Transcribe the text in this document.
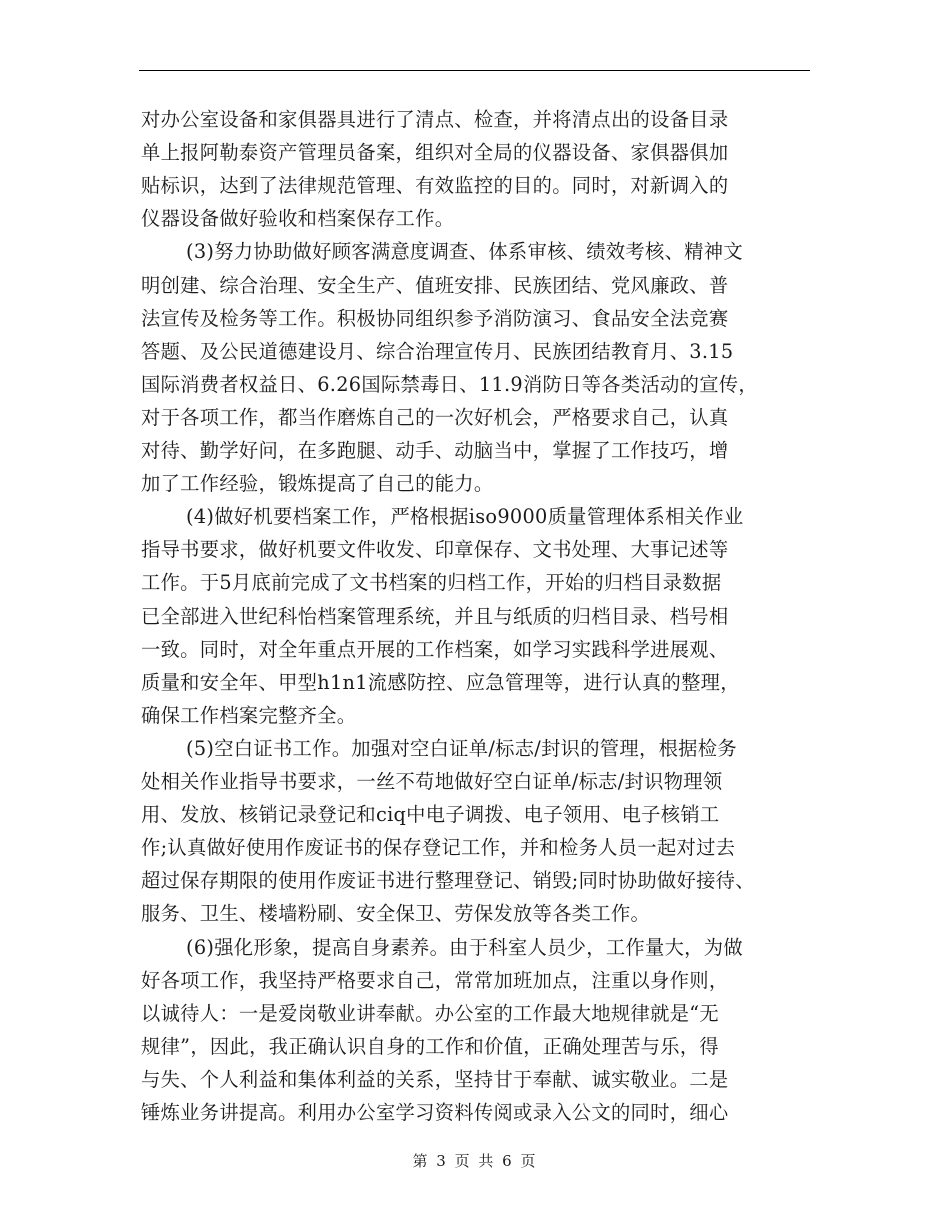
对办公室设备和家俱器具进行了清点、检查，并将清点出的设备目录
单上报阿勒泰资产管理员备案，组织对全局的仪器设备、家俱器俱加
贴标识，达到了法律规范管理、有效监控的目的。同时，对新调入的
仪器设备做好验收和档案保存工作。
(3)努力协助做好顾客满意度调查、体系审核、绩效考核、精神文
明创建、综合治理、安全生产、值班安排、民族团结、党风廉政、普
法宣传及检务等工作。积极协同组织参予消防演习、食品安全法竞赛
答题、及公民道德建设月、综合治理宣传月、民族团结教育月、3.15
国际消费者权益日、6.26国际禁毒日、11.9消防日等各类活动的宣传，
对于各项工作，都当作磨炼自己的一次好机会，严格要求自己，认真
对待、勤学好问，在多跑腿、动手、动脑当中，掌握了工作技巧，增
加了工作经验，锻炼提高了自己的能力。
(4)做好机要档案工作，严格根据iso9000质量管理体系相关作业
指导书要求，做好机要文件收发、印章保存、文书处理、大事记述等
工作。于5月底前完成了文书档案的归档工作，开始的归档目录数据
已全部进入世纪科怡档案管理系统，并且与纸质的归档目录、档号相
一致。同时，对全年重点开展的工作档案，如学习实践科学进展观、
质量和安全年、甲型h1n1流感防控、应急管理等，进行认真的整理，
确保工作档案完整齐全。
(5)空白证书工作。加强对空白证单/标志/封识的管理，根据检务
处相关作业指导书要求，一丝不苟地做好空白证单/标志/封识物理领
用、发放、核销记录登记和ciq中电子调拨、电子领用、电子核销工
作;认真做好使用作废证书的保存登记工作，并和检务人员一起对过去
超过保存期限的使用作废证书进行整理登记、销毁;同时协助做好接待、
服务、卫生、楼墙粉刷、安全保卫、劳保发放等各类工作。
(6)强化形象，提高自身素养。由于科室人员少，工作量大，为做
好各项工作，我坚持严格要求自己，常常加班加点，注重以身作则，
以诚待人：一是爱岗敬业讲奉献。办公室的工作最大地规律就是“无
规律”，因此，我正确认识自身的工作和价值，正确处理苦与乐，得
与失、个人利益和集体利益的关系，坚持甘于奉献、诚实敬业。二是
锤炼业务讲提高。利用办公室学习资料传阅或录入公文的同时，细心
第 3 页 共 6 页
